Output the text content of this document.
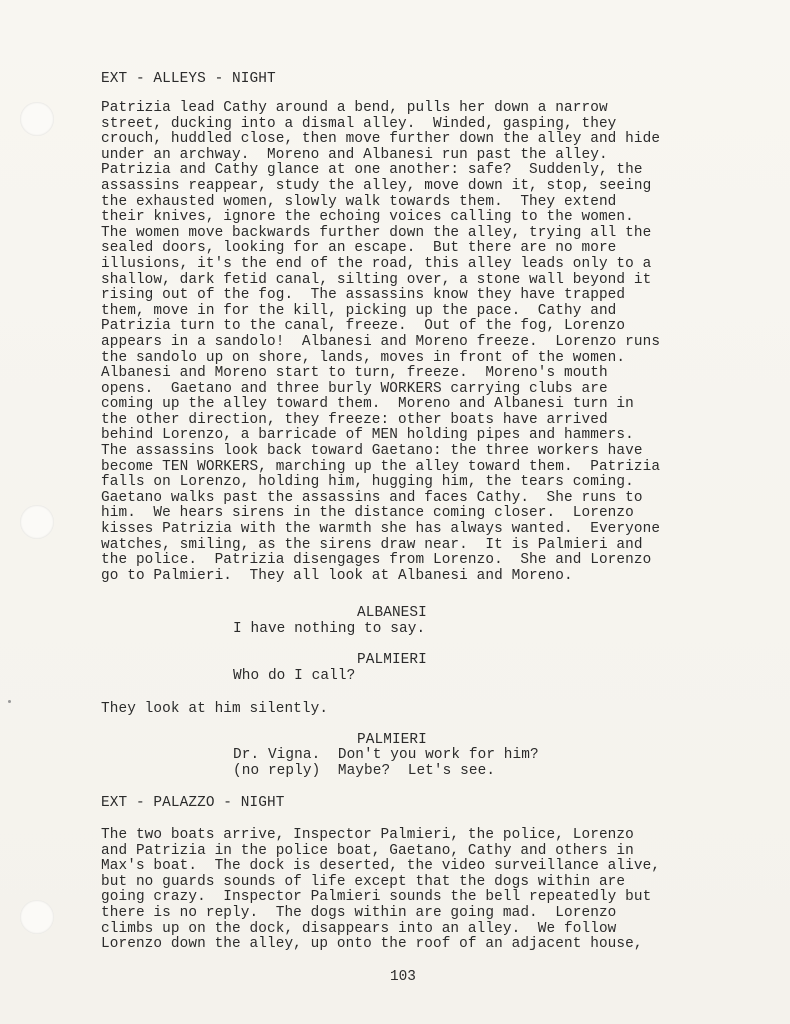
EXT - ALLEYS - NIGHT
Patrizia lead Cathy around a bend, pulls her down a narrow
street, ducking into a dismal alley.  Winded, gasping, they
crouch, huddled close, then move further down the alley and hide
under an archway.  Moreno and Albanesi run past the alley.
Patrizia and Cathy glance at one another: safe?  Suddenly, the
assassins reappear, study the alley, move down it, stop, seeing
the exhausted women, slowly walk towards them.  They extend
their knives, ignore the echoing voices calling to the women.
The women move backwards further down the alley, trying all the
sealed doors, looking for an escape.  But there are no more
illusions, it's the end of the road, this alley leads only to a
shallow, dark fetid canal, silting over, a stone wall beyond it
rising out of the fog.  The assassins know they have trapped
them, move in for the kill, picking up the pace.  Cathy and
Patrizia turn to the canal, freeze.  Out of the fog, Lorenzo
appears in a sandolo!  Albanesi and Moreno freeze.  Lorenzo runs
the sandolo up on shore, lands, moves in front of the women.
Albanesi and Moreno start to turn, freeze.  Moreno's mouth
opens.  Gaetano and three burly WORKERS carrying clubs are
coming up the alley toward them.  Moreno and Albanesi turn in
the other direction, they freeze: other boats have arrived
behind Lorenzo, a barricade of MEN holding pipes and hammers.
The assassins look back toward Gaetano: the three workers have
become TEN WORKERS, marching up the alley toward them.  Patrizia
falls on Lorenzo, holding him, hugging him, the tears coming.
Gaetano walks past the assassins and faces Cathy.  She runs to
him.  We hears sirens in the distance coming closer.  Lorenzo
kisses Patrizia with the warmth she has always wanted.  Everyone
watches, smiling, as the sirens draw near.  It is Palmieri and
the police.  Patrizia disengages from Lorenzo.  She and Lorenzo
go to Palmieri.  They all look at Albanesi and Moreno.
ALBANESI
I have nothing to say.
PALMIERI
Who do I call?
They look at him silently.
PALMIERI
Dr. Vigna.  Don't you work for him?
(no reply)  Maybe?  Let's see.
EXT - PALAZZO - NIGHT
The two boats arrive, Inspector Palmieri, the police, Lorenzo
and Patrizia in the police boat, Gaetano, Cathy and others in
Max's boat.  The dock is deserted, the video surveillance alive,
but no guards sounds of life except that the dogs within are
going crazy.  Inspector Palmieri sounds the bell repeatedly but
there is no reply.  The dogs within are going mad.  Lorenzo
climbs up on the dock, disappears into an alley.  We follow
Lorenzo down the alley, up onto the roof of an adjacent house,
103
